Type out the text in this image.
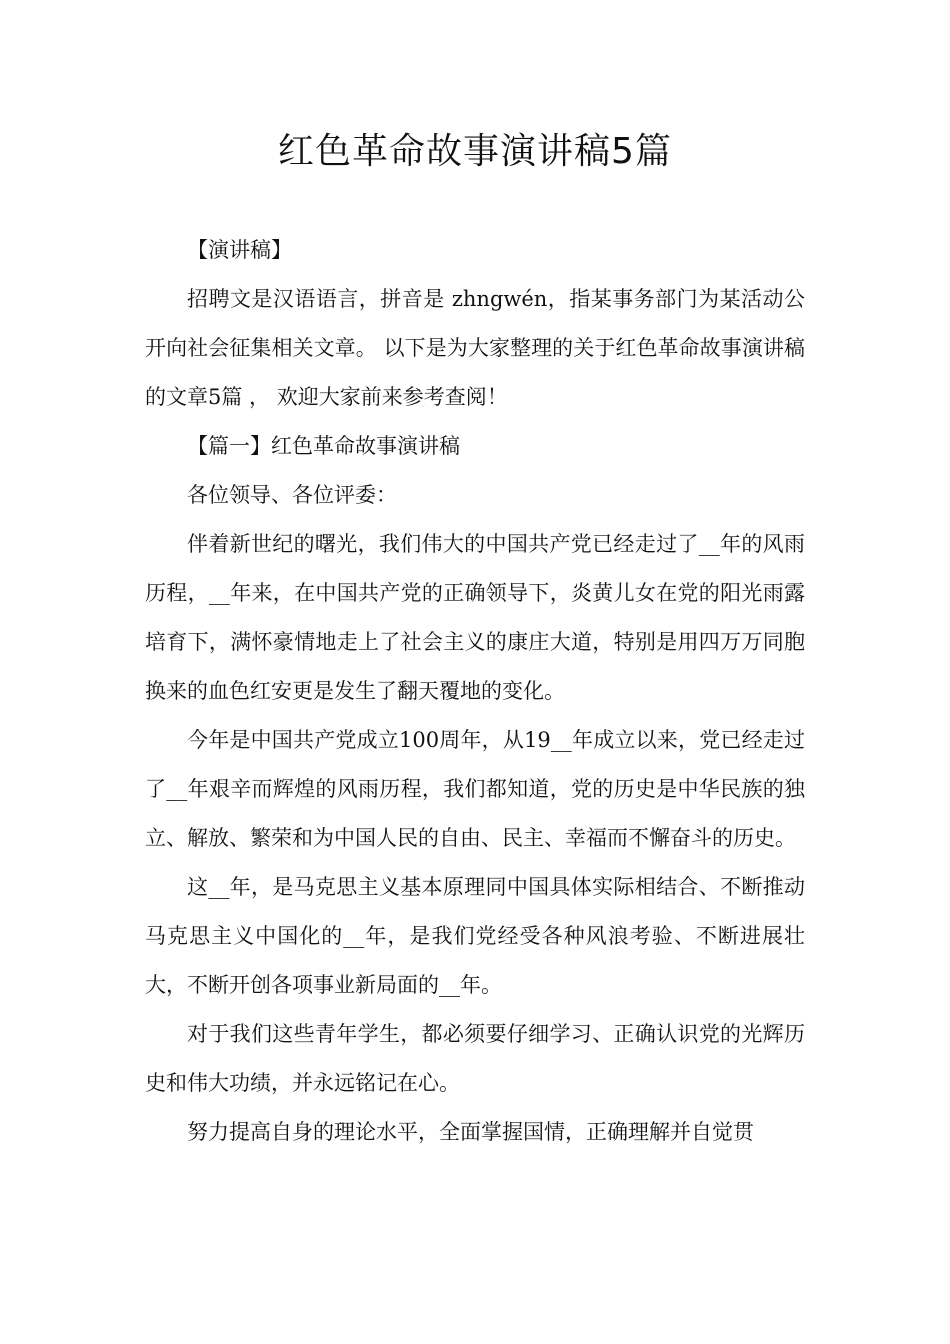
红色革命故事演讲稿5篇

【演讲稿】

招聘文是汉语语言，拼音是 zhngwén，指某事务部门为某活动公开向社会征集相关文章。 以下是为大家整理的关于红色革命故事演讲稿的文章5篇 ， 欢迎大家前来参考查阅！

【篇一】红色革命故事演讲稿

各位领导、各位评委：

伴着新世纪的曙光，我们伟大的中国共产党已经走过了__年的风雨历程，__年来，在中国共产党的正确领导下，炎黄儿女在党的阳光雨露培育下，满怀豪情地走上了社会主义的康庄大道，特别是用四万万同胞换来的血色红安更是发生了翻天覆地的变化。

今年是中国共产党成立100周年，从19__年成立以来，党已经走过了__年艰辛而辉煌的风雨历程，我们都知道，党的历史是中华民族的独立、解放、繁荣和为中国人民的自由、民主、幸福而不懈奋斗的历史。

这__年，是马克思主义基本原理同中国具体实际相结合、不断推动马克思主义中国化的__年，是我们党经受各种风浪考验、不断进展壮大，不断开创各项事业新局面的__年。

对于我们这些青年学生，都必须要仔细学习、正确认识党的光辉历史和伟大功绩，并永远铭记在心。

努力提高自身的理论水平，全面掌握国情，正确理解并自觉贯
